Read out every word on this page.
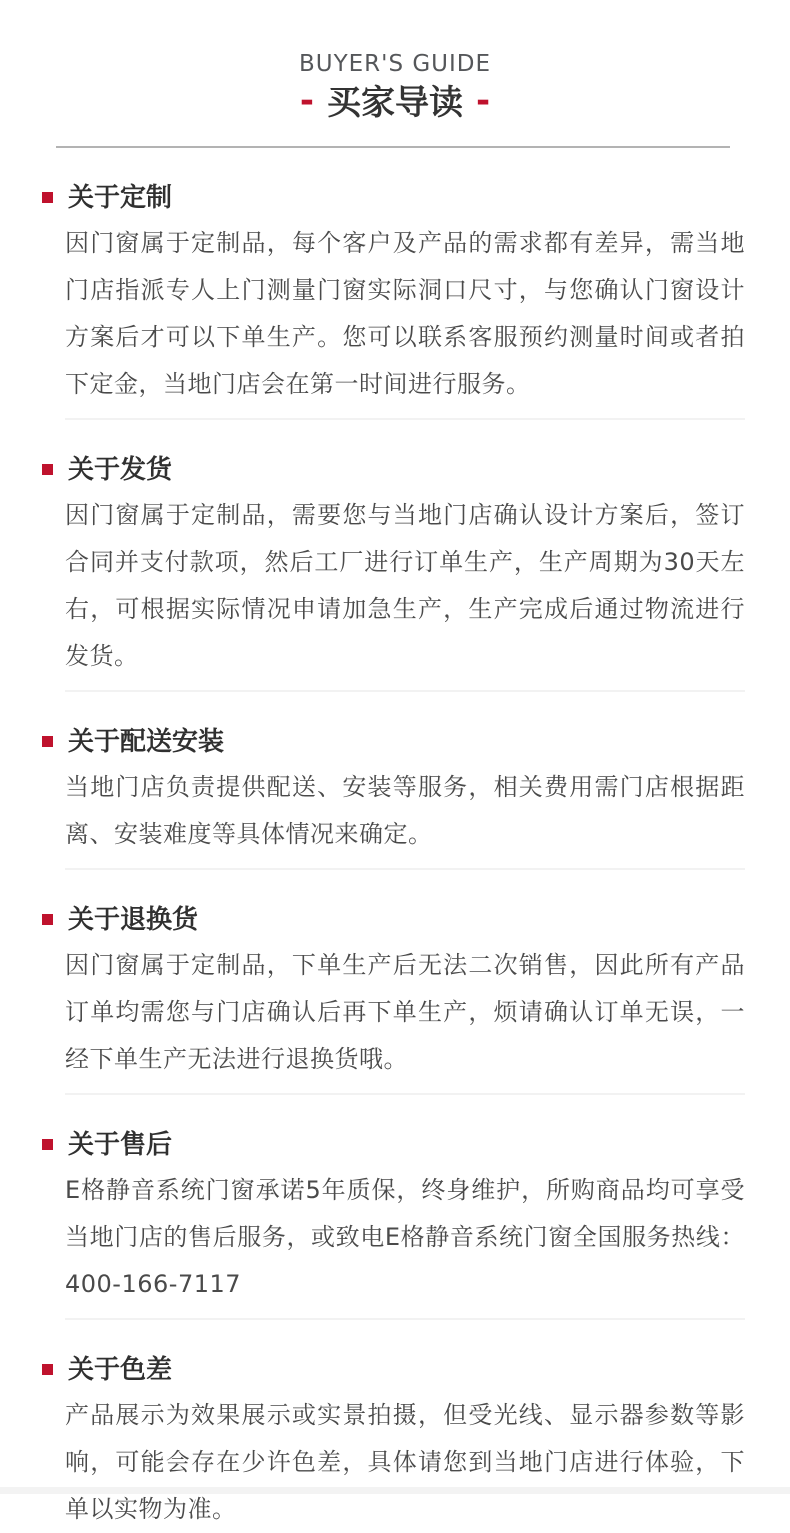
BUYER'S GUIDE
- 买家导读 -
关于定制

因门窗属于定制品，每个客户及产品的需求都有差异，需当地门店指派专人上门测量门窗实际洞口尺寸，与您确认门窗设计方案后才可以下单生产。您可以联系客服预约测量时间或者拍下定金，当地门店会在第一时间进行服务。

关于发货

因门窗属于定制品，需要您与当地门店确认设计方案后，签订合同并支付款项，然后工厂进行订单生产，生产周期为30天左右，可根据实际情况申请加急生产，生产完成后通过物流进行发货。

关于配送安装

当地门店负责提供配送、安装等服务，相关费用需门店根据距离、安装难度等具体情况来确定。

关于退换货

因门窗属于定制品，下单生产后无法二次销售，因此所有产品订单均需您与门店确认后再下单生产，烦请确认订单无误，一经下单生产无法进行退换货哦。

关于售后

E格静音系统门窗承诺5年质保，终身维护，所购商品均可享受当地门店的售后服务，或致电E格静音系统门窗全国服务热线：400-166-7117

关于色差

产品展示为效果展示或实景拍摄，但受光线、显示器参数等影响，可能会存在少许色差，具体请您到当地门店进行体验，下单以实物为准。
